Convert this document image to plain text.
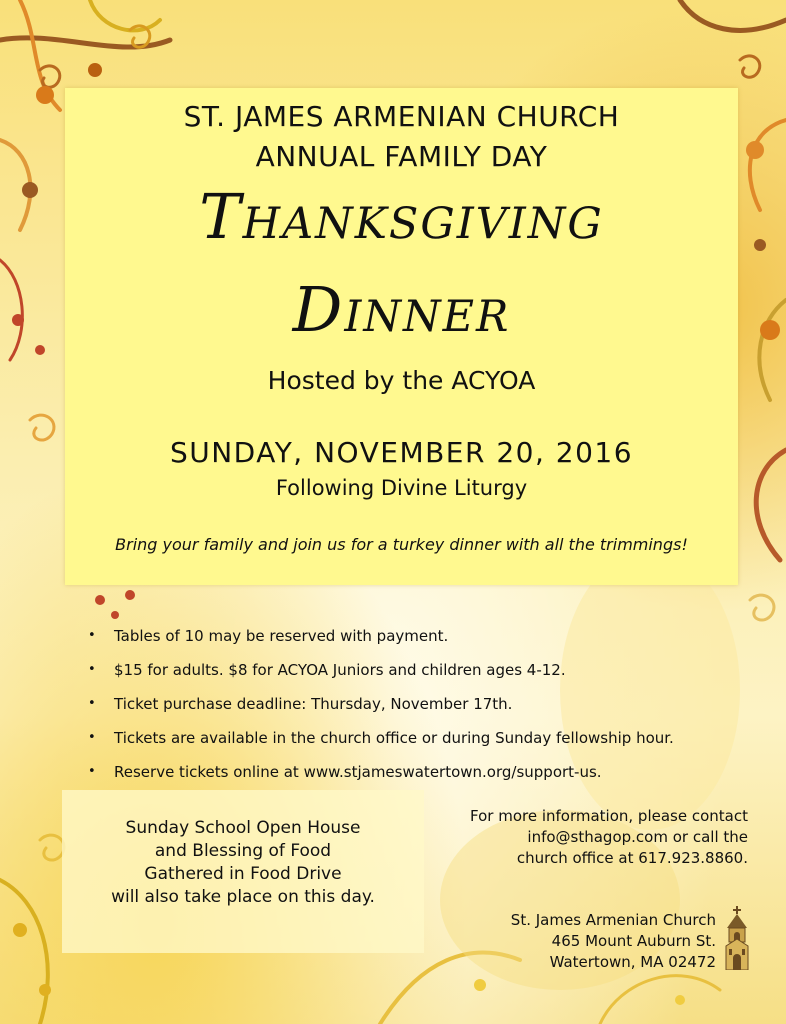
ST. JAMES ARMENIAN CHURCH

ANNUAL FAMILY DAY

Thanksgiving

Dinner

Hosted by the ACYOA

SUNDAY, NOVEMBER 20, 2016

Following Divine Liturgy

Bring your family and join us for a turkey dinner with all the trimmings!

• Tables of 10 may be reserved with payment.
• $15 for adults. $8 for ACYOA Juniors and children ages 4-12.
• Ticket purchase deadline: Thursday, November 17th.
• Tickets are available in the church office or during Sunday fellowship hour.
• Reserve tickets online at www.stjameswatertown.org/support-us.
Sunday School Open House
and Blessing of Food
Gathered in Food Drive
will also take place on this day.
For more information, please contact
info@sthagop.com or call the
church office at 617.923.8860.
St. James Armenian Church
465 Mount Auburn St.
Watertown, MA 02472
